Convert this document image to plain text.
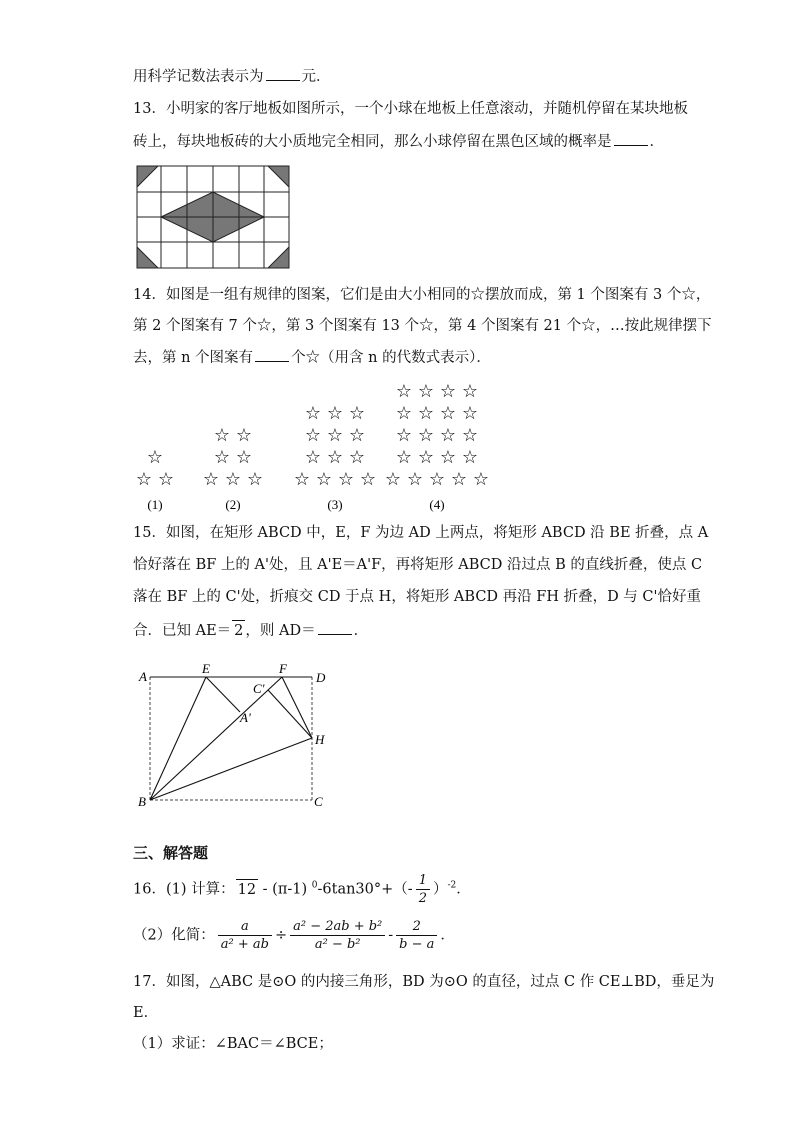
用科学记数法表示为	元．
13．小明家的客厅地板如图所示，一个小球在地板上任意滚动，并随机停留在某块地板
砖上，每块地板砖的大小质地完全相同，那么小球停留在黑色区域的概率是	．
14．如图是一组有规律的图案，它们是由大小相同的☆摆放而成，第 1 个图案有 3 个☆，
第 2 个图案有 7 个☆，第 3 个图案有 13 个☆，第 4 个图案有 21 个☆，…按此规律摆下
去，第 n 个图案有	个☆（用含 n 的代数式表示）．
☆ ☆
☆
(1)
☆ ☆ ☆
☆ ☆
☆ ☆
(2)
☆ ☆ ☆ ☆
☆ ☆ ☆
☆ ☆ ☆
☆ ☆ ☆
(3)
☆ ☆ ☆ ☆ ☆
☆ ☆ ☆ ☆
☆ ☆ ☆ ☆
☆ ☆ ☆ ☆
☆ ☆ ☆ ☆
(4)
15．如图，在矩形 ABCD 中，E，F 为边 AD 上两点，将矩形 ABCD 沿 BE 折叠，点 A
恰好落在 BF 上的 A'处，且 A'E＝A'F，再将矩形 ABCD 沿过点 B 的直线折叠，使点 C
落在 BF 上的 C'处，折痕交 CD 于点 H，将矩形 ABCD 再沿 FH 折叠，D 与 C'恰好重
合．已知 AE＝ 2 ，则 AD＝	．
A
E	F
D
C'
A'
H
B	C
三、解答题
16．(1) 计算： 12 - (π-1) $^0-6\tan 30^\circ+(- \frac{1}{2} )^{-2}$．
（2）化简： $\frac{a}{\text{a² + ab}} \div \frac{\text{a² − 2ab + b²}}{\text{a² − b²}} - \frac{2}{b - a}$ ．
17．如图，△ABC 是⊙O 的内接三角形，BD 为⊙O 的直径，过点 C 作 CE⊥BD，垂足为
E．
（1）求证：∠BAC＝∠BCE；
